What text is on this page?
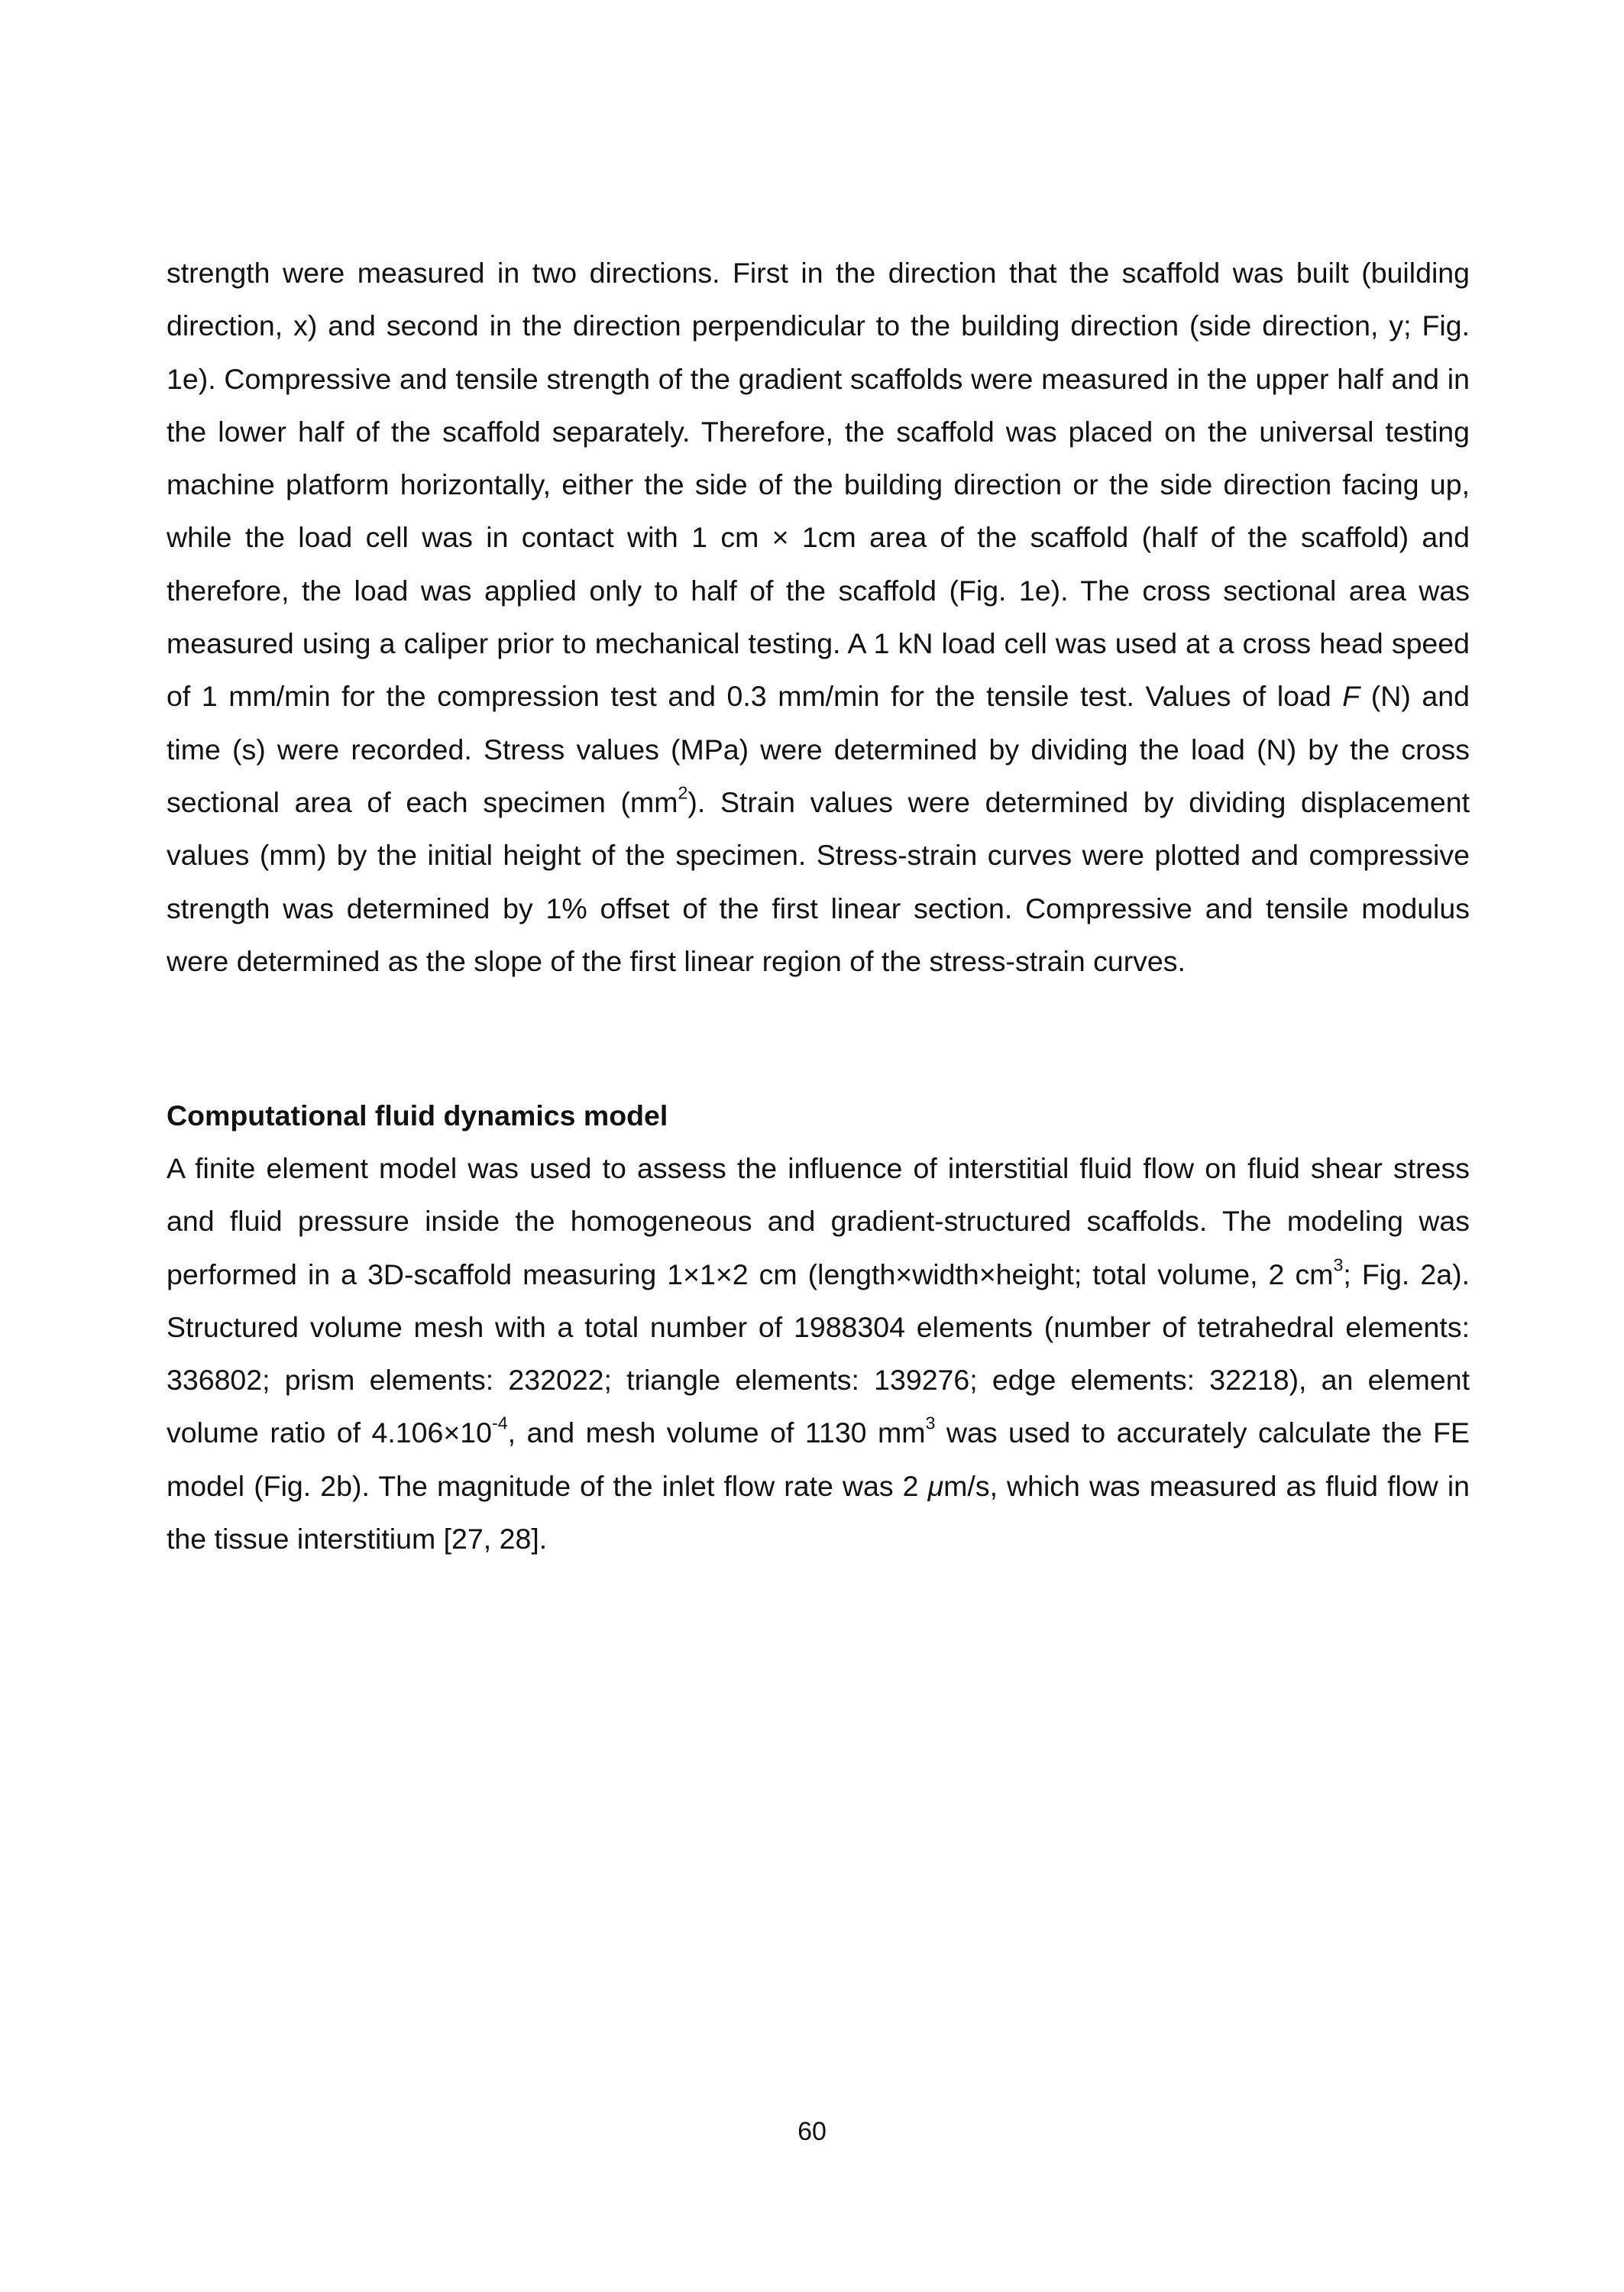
strength were measured in two directions. First in the direction that the scaffold was built (building direction, x) and second in the direction perpendicular to the building direction (side direction, y; Fig. 1e). Compressive and tensile strength of the gradient scaffolds were measured in the upper half and in the lower half of the scaffold separately. Therefore, the scaffold was placed on the universal testing machine platform horizontally, either the side of the building direction or the side direction facing up, while the load cell was in contact with 1 cm × 1cm area of the scaffold (half of the scaffold) and therefore, the load was applied only to half of the scaffold (Fig. 1e). The cross sectional area was measured using a caliper prior to mechanical testing. A 1 kN load cell was used at a cross head speed of 1 mm/min for the compression test and 0.3 mm/min for the tensile test. Values of load F (N) and time (s) were recorded. Stress values (MPa) were determined by dividing the load (N) by the cross sectional area of each specimen $(mm^2)$. Strain values were determined by dividing displacement values (mm) by the initial height of the specimen. Stress-strain curves were plotted and compressive strength was determined by 1% offset of the first linear section. Compressive and tensile modulus were determined as the slope of the first linear region of the stress-strain curves.

Computational fluid dynamics model

A finite element model was used to assess the influence of interstitial fluid flow on fluid shear stress and fluid pressure inside the homogeneous and gradient-structured scaffolds. The modeling was performed in a 3D-scaffold measuring 1×1×2 cm (length×width×height; total volume, 2 $cm^3$; Fig. 2a). Structured volume mesh with a total number of 1988304 elements (number of tetrahedral elements: 336802; prism elements: 232022; triangle elements: 139276; edge elements: 32218), an element volume ratio of $4.106\times 10^{-4}$, and mesh volume of 1130 $mm^3$ was used to accurately calculate the FE model (Fig. 2b). The magnitude of the inlet flow rate was 2 μm/s, which was measured as fluid flow in the tissue interstitium [27, 28].

60
